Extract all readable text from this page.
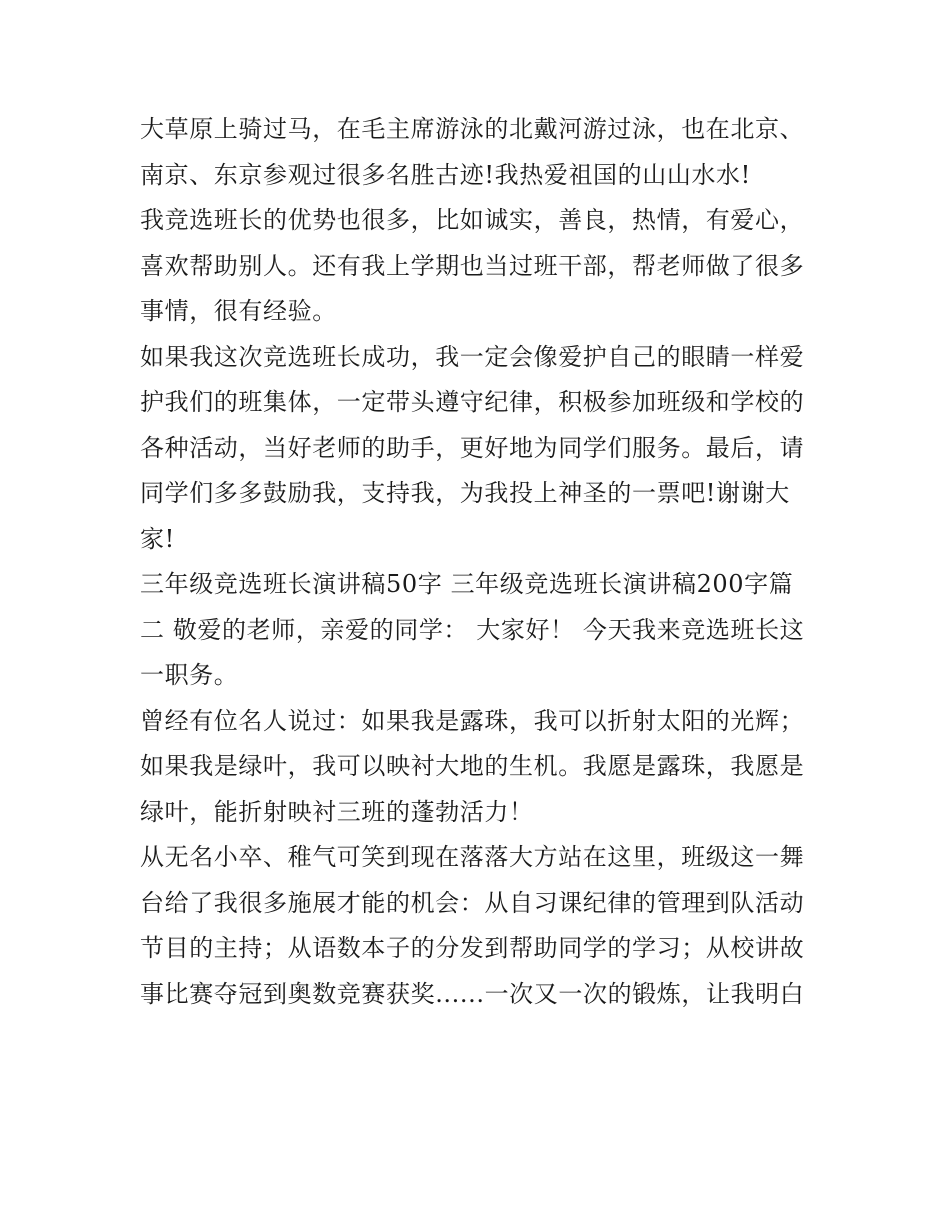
大草原上骑过马，在毛主席游泳的北戴河游过泳，也在北京、
南京、东京参观过很多名胜古迹!我热爱祖国的山山水水!
我竞选班长的优势也很多，比如诚实，善良，热情，有爱心，
喜欢帮助别人。还有我上学期也当过班干部，帮老师做了很多
事情，很有经验。
如果我这次竞选班长成功，我一定会像爱护自己的眼睛一样爱
护我们的班集体，一定带头遵守纪律，积极参加班级和学校的
各种活动，当好老师的助手，更好地为同学们服务。最后，请
同学们多多鼓励我，支持我，为我投上神圣的一票吧!谢谢大
家!
三年级竞选班长演讲稿50字 三年级竞选班长演讲稿200字篇
二 敬爱的老师，亲爱的同学： 大家好！ 今天我来竞选班长这
一职务。
曾经有位名人说过：如果我是露珠，我可以折射太阳的光辉；
如果我是绿叶，我可以映衬大地的生机。我愿是露珠，我愿是
绿叶，能折射映衬三班的蓬勃活力！
从无名小卒、稚气可笑到现在落落大方站在这里，班级这一舞
台给了我很多施展才能的机会：从自习课纪律的管理到队活动
节目的主持；从语数本子的分发到帮助同学的学习；从校讲故
事比赛夺冠到奥数竞赛获奖......一次又一次的锻炼，让我明白
